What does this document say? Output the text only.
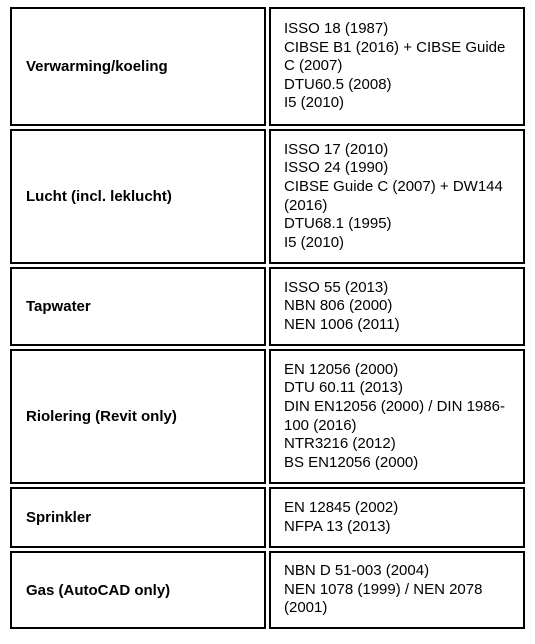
Verwarming/koeling
ISSO 18 (1987)
CIBSE B1 (2016) + CIBSE Guide C (2007)
DTU60.5 (2008)
I5 (2010)
Lucht (incl. leklucht)
ISSO 17 (2010)
ISSO 24 (1990)
CIBSE Guide C (2007) + DW144 (2016)
DTU68.1 (1995)
I5 (2010)
Tapwater
ISSO 55 (2013)
NBN 806 (2000)
NEN 1006 (2011)
Riolering (Revit only)
EN 12056 (2000)
DTU 60.11 (2013)
DIN EN12056 (2000) / DIN 1986-100 (2016)
NTR3216 (2012)
BS EN12056 (2000)
Sprinkler
EN 12845 (2002)
NFPA 13 (2013)
Gas (AutoCAD only)
NBN D 51-003 (2004)
NEN 1078 (1999) / NEN 2078 (2001)
